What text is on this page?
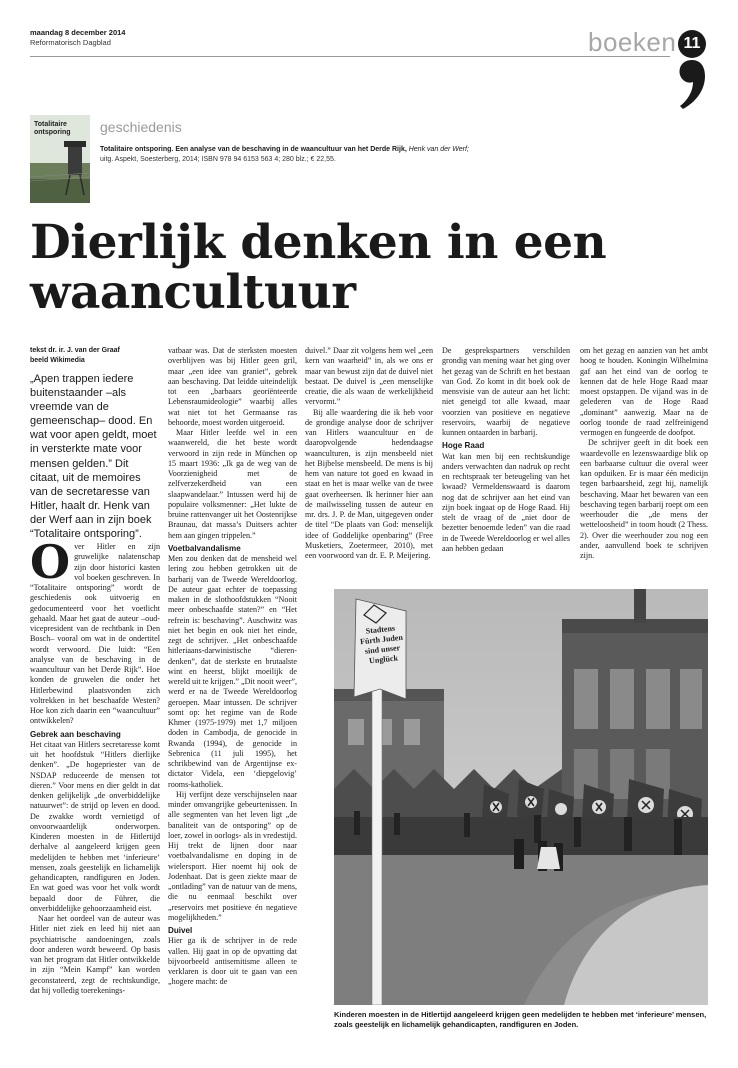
maandag 8 december 2014
Reformatorisch Dagblad	boeken 11
Totalitaire ontsporing	geschiedenis
Totalitaire ontsporing. Een analyse van de beschaving in de waancultuur van het Derde Rijk, Henk van der Werf;
uitg. Aspekt, Soesterberg, 2014; ISBN 978 94 6153 563 4; 280 blz.; € 22,55.
Dierlijk denken in een waancultuur
tekst dr. ir. J. van der Graaf
beeld Wikimedia
„Apen trappen iedere buitenstaander –als vreemde van de gemeenschap– dood. En wat voor apen geldt, moet in versterkte mate voor mensen gelden.” Dit citaat, uit de memoires van de secretaresse van Hitler, haalt dr. Henk van der Werf aan in zijn boek “Totalitaire ontsporing”.

Over Hitler en zijn gruwelijke nalatenschap zijn door historici kasten vol boeken geschreven. In “Totalitaire ontsporing” wordt de geschiedenis ook uitvoerig en gedocumenteerd voor het voetlicht gehaald. Maar het gaat de auteur –oud-vicepresident van de rechtbank in Den Bosch– vooral om wat in de ondertitel wordt verwoord. Die luidt: “Een analyse van de beschaving in de waancultuur van het Derde Rijk”. Hoe konden de gruwelen die onder het Hitlerbewind plaatsvonden zich voltrekken in het beschaafde Westen? Hoe kon zich daarin een “waancultuur” ontwikkelen?

Gebrek aan beschaving

Het citaat van Hitlers secretaresse komt uit het hoofdstuk “Hitlers dierlijke denken”. „De hogepriester van de NSDAP reduceerde de mensen tot dieren.” Voor mens en dier geldt in dat denken gelijkelijk „de onverbiddelijke natuurwet”: de strijd op leven en dood. De zwakke wordt vernietigd of onvoorwaardelijk onderworpen. Kinderen moesten in de Hitlertijd derhalve al aangeleerd krijgen geen medelijden te hebben met ‘inferieure’ mensen, zoals geestelijk en lichamelijk gehandicapten, randfiguren en Joden. En wat goed was voor het volk wordt bepaald door de Führer, die onverbiddelijke gehoorzaamheid eist.

Naar het oordeel van de auteur was Hitler niet ziek en leed hij niet aan psychiatrische aandoeningen, zoals door anderen wordt beweerd. Op basis van het program dat Hitler ontwikkelde in zijn “Mein Kampf” kan worden geconstateerd, zegt de rechtskundige, dat hij volledig toerekenings-

vatbaar was. Dat de sterksten moesten overblijven was bij Hitler geen gril, maar „een idee van granietˮ, gebrek aan beschaving. Dat leidde uiteindelijk tot een „barbaars georiënteerde Lebensraumideologie” waarbij alles wat niet tot het Germaanse ras behoorde, moest worden uitgeroeid.

Maar Hitler leefde wel in een waanwereld, die het beste wordt verwoord in zijn rede in München op 15 maart 1936: „Ik ga de weg van de Voorzienigheid met de zelfverzekerdheid van een slaapwandelaar.” Intussen werd hij de populaire volksmenner: „Het lukte de bruine rattenvanger uit het Oostenrijkse Braunau, dat massa’s Duitsers achter hem aan gingen trippelen.”

Voetbalvandalisme

Men zou denken dat de mensheid wel lering zou hebben getrokken uit de barbarij van de Tweede Wereldoorlog. De auteur gaat echter de toepassing maken in de slothoofdstukken “Nooit meer onbeschaafde staten?” en “Het refrein is: beschaving”. Auschwitz was niet het begin en ook niet het einde, zegt de schrijver. „Het onbeschaafde hitleriaans-darwinistische “dieren-denken”, dat de sterkste en brutaalste wint en heerst, blijkt moeilijk de wereld uit te krijgen.” „Dit nooit weer”, werd er na de Tweede Wereldoorlog geroepen. Maar intussen. De schrijver somt op: het regime van de Rode Khmer (1975-1979) met 1,7 miljoen doden in Cambodja, de genocide in Rwanda (1994), de genocide in Sebrenica (11 juli 1995), het schrikbewind van de Argentijnse ex-dictator Videla, een ‘diepgelovig’ rooms-katholiek.

Hij verfijnt deze verschijnselen naar minder omvangrijke gebeurtenissen. In alle segmenten van het leven ligt „de banaliteit van de ontsporing” op de loer, zowel in oorlogs- als in vredestijd. Hij trekt de lijnen door naar voetbalvandalisme en doping in de wielersport. Hier noemt hij ook de Jodenhaat. Dat is geen ziekte maar de „ontlading” van de natuur van de mens, die nu eenmaal beschikt over „reservoirs met positieve én negatieve mogelijkheden.”

Duivel

Hier ga ik de schrijver in de rede vallen. Hij gaat in op de opvatting dat bijvoorbeeld antisemitisme alleen te verklaren is door uit te gaan van een „hogere macht: de

duivel.” Daar zit volgens hem wel „een kern van waarheid” in, als we ons er maar van bewust zijn dat de duivel niet bestaat. De duivel is „een menselijke creatie, die als waan de werkelijkheid vervormt.”

Bij alle waardering die ik heb voor de grondige analyse door de schrijver van Hitlers waancultuur en de daaropvolgende hedendaagse waanculturen, is zijn mensbeeld niet het Bijbelse mensbeeld. De mens is bij hem van nature tot goed en kwaad in staat en het is maar welke van de twee gaat overheersen. Ik herinner hier aan de mailwisseling tussen de auteur en mr. drs. J. P. de Man, uitgegeven onder de titel “De plaats van God: menselijk idee of Goddelijke openbaring” (Free Musketiers, Zoetermeer, 2010), met een voorwoord van dr. E. P. Meijering.

De gesprekspartners verschilden grondig van mening waar het ging over het gezag van de Schrift en het bestaan van God. Zo komt in dit boek ook de mensvisie van de auteur aan het licht: niet geneigd tot alle kwaad, maar voorzien van positieve en negatieve reservoirs, waarbij de negatieve kunnen ontaarden in barbarij.

Hoge Raad

Wat kan men bij een rechtskundige anders verwachten dan nadruk op recht en rechtspraak ter beteugeling van het kwaad? Vermeldenswaard is daarom nog dat de schrijver aan het eind van zijn boek ingaat op de Hoge Raad. Hij stelt de vraag of de „niet door de bezetter benoemde leden” van die raad in de Tweede Wereldoorlog er wel alles aan hebben gedaan

om het gezag en aanzien van het ambt hoog te houden. Koningin Wilhelmina gaf aan het eind van de oorlog te kennen dat de hele Hoge Raad maar moest opstappen. De vijand was in de gelederen van de Hoge Raad „dominant” aanwezig. Maar na de oorlog toonde de raad zelfreinigend vermogen en fungeerde de doofpot.

De schrijver geeft in dit boek een waardevolle en lezenswaardige blik op een barbaarse cultuur die overal weer kan opduiken. Er is maar één medicijn tegen barbaarsheid, zegt hij, namelijk beschaving. Maar het bewaren van een beschaving tegen barbarij roept om een weerhouder die „de mens der wetteloosheid” in toom houdt (2 Thess. 2). Over die weerhouder zou nog een ander, aanvullend boek te schrijven zijn.

Stadtens Fürth Juden sind unser Unglück
Kinderen moesten in de Hitlertijd aangeleerd krijgen geen medelijden te hebben met ‘inferieure’ mensen, zoals geestelijk en lichamelijk gehandicapten, randfiguren en Joden.
